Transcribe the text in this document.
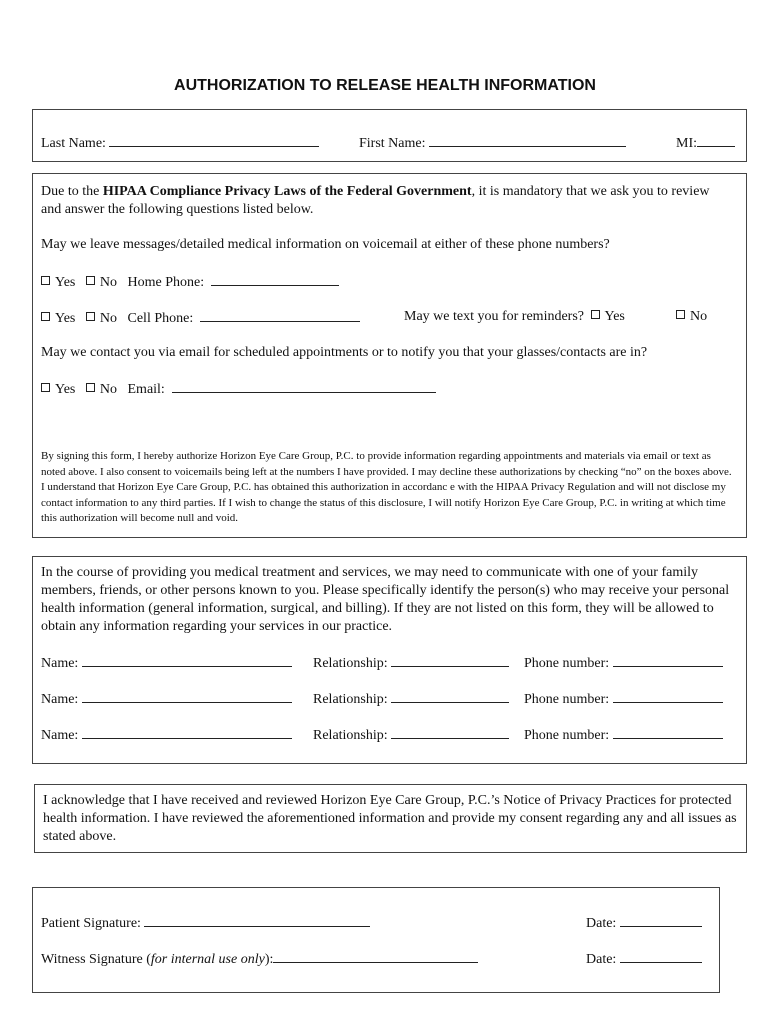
AUTHORIZATION TO RELEASE HEALTH INFORMATION
Last Name:	First Name:	MI:
Due to the HIPAA Compliance Privacy Laws of the Federal Government, it is mandatory that we ask you to review and answer the following questions listed below.
May we leave messages/detailed medical information on voicemail at either of these phone numbers?
Yes No Home Phone:
Yes No Cell Phone:	May we text you for reminders? Yes	No
May we contact you via email for scheduled appointments or to notify you that your glasses/contacts are in?
Yes No Email:
By signing this form, I hereby authorize Horizon Eye Care Group, P.C. to provide information regarding appointments and materials via email or text as noted above. I also consent to voicemails being left at the numbers I have provided. I may decline these authorizations by checking “no” on the boxes above. I understand that Horizon Eye Care Group, P.C. has obtained this authorization in accordanc e with the HIPAA Privacy Regulation and will not disclose my contact information to any third parties. If I wish to change the status of this disclosure, I will notify Horizon Eye Care Group, P.C. in writing at which time this authorization will become null and void.
In the course of providing you medical treatment and services, we may need to communicate with one of your family members, friends, or other persons known to you. Please specifically identify the person(s) who may receive your personal health information (general information, surgical, and billing). If they are not listed on this form, they will be allowed to obtain any information regarding your services in our practice.
Name:	Relationship:	Phone number:
Name:	Relationship:	Phone number:
Name:	Relationship:	Phone number:
I acknowledge that I have received and reviewed Horizon Eye Care Group, P.C.’s Notice of Privacy Practices for protected health information. I have reviewed the aforementioned information and provide my consent regarding any and all issues as stated above.
Patient Signature:	Date:
Witness Signature (for internal use only):	Date:
